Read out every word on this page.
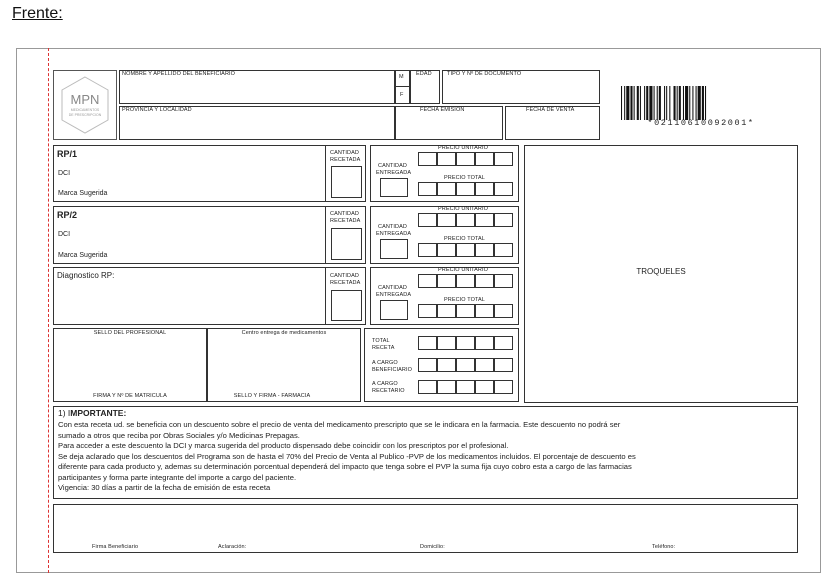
Frente:
MPN
MEDICAMENTOS
DE PRESCRIPCION
NOMBRE Y APELLIDO DEL BENEFICIARIO	M
F
EDAD	TIPO Y Nº DE DOCUMENTO
PROVINCIA Y LOCALIDAD	FECHA EMISION	FECHA DE VENTA
*02110610092001*
RP/1
DCI
Marca Sugerida
CANTIDAD
RECETADA
RP/2
DCI
Marca Sugerida
CANTIDAD
RECETADA
Diagnostico RP:	CANTIDAD
RECETADA
PRECIO UNITARIO
CANTIDAD
ENTREGADA
PRECIO TOTAL
PRECIO UNITARIO
CANTIDAD
ENTREGADA
PRECIO TOTAL
PRECIO UNITARIO
CANTIDAD
ENTREGADA
PRECIO TOTAL
TROQUELES
SELLO DEL PROFESIONAL
FIRMA Y Nº DE MATRICULA
Centro entrega de medicamentos
SELLO Y FIRMA - FARMACIA
TOTAL
RECETA
A CARGO
BENEFICIARIO
A CARGO
RECETARIO
1) IMPORTANTE:
Con esta receta ud. se beneficia con un descuento sobre el precio de venta del medicamento prescripto que se le indicara en la farmacia. Este descuento no podrá ser
sumado a otros que reciba por Obras Sociales y/o Medicinas Prepagas.
Para acceder a este descuento la DCI y marca sugerida del producto dispensado debe coincidir con los prescriptos por el profesional.
Se deja aclarado que los descuentos del Programa son de hasta el 70% del Precio de Venta al Publico -PVP de los medicamentos incluidos. El porcentaje de descuento es
diferente para cada producto y, ademas su determinación porcentual dependerá del impacto que tenga sobre el PVP la suma fija cuyo cobro esta a cargo de las farmacias
participantes y forma parte integrante del importe a cargo del paciente.
Vigencia: 30 días a partir de la fecha de emisión de esta receta
Firma Beneficiario	Aclaración:	Domicilio:	Teléfono:
